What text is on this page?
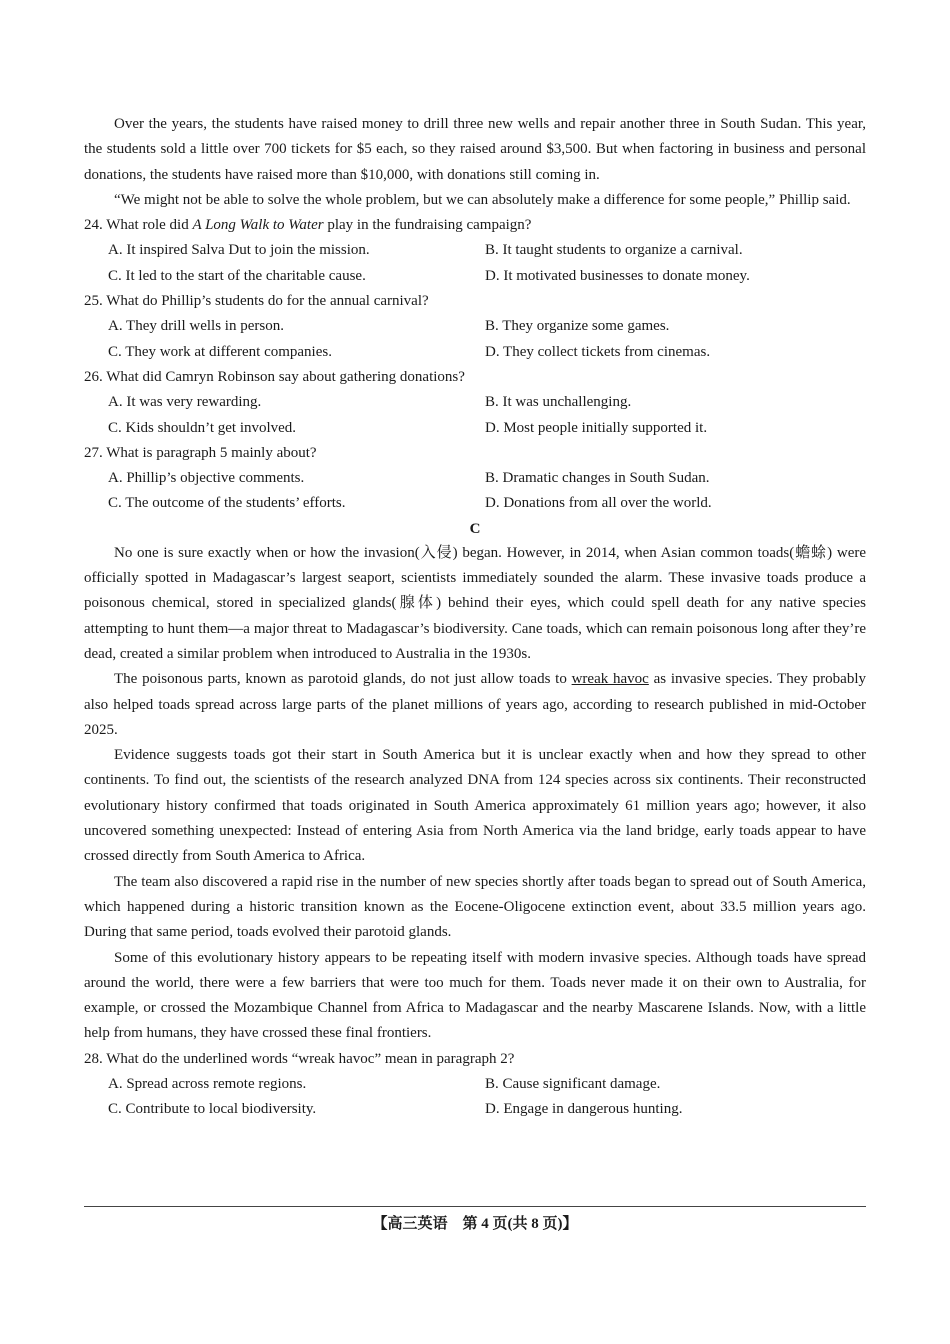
Over the years, the students have raised money to drill three new wells and repair another three in South Sudan. This year, the students sold a little over 700 tickets for $5 each, so they raised around $3,500. But when factoring in business and personal donations, the students have raised more than $10,000, with donations still coming in.

“We might not be able to solve the whole problem, but we can absolutely make a difference for some people,” Phillip said.

24. What role did A Long Walk to Water play in the fundraising campaign?

A. It inspired Salva Dut to join the mission.	B. It taught students to organize a carnival.
C. It led to the start of the charitable cause.	D. It motivated businesses to donate money.

25. What do Phillip’s students do for the annual carnival?

A. They drill wells in person.	B. They organize some games.
C. They work at different companies.	D. They collect tickets from cinemas.

26. What did Camryn Robinson say about gathering donations?

A. It was very rewarding.	B. It was unchallenging.
C. Kids shouldn’t get involved.	D. Most people initially supported it.

27. What is paragraph 5 mainly about?

A. Phillip’s objective comments.	B. Dramatic changes in South Sudan.
C. The outcome of the students’ efforts.	D. Donations from all over the world.
C

No one is sure exactly when or how the invasion(入侵) began. However, in 2014, when Asian common toads(蟾蜍) were officially spotted in Madagascar’s largest seaport, scientists immediately sounded the alarm. These invasive toads produce a poisonous chemical, stored in specialized glands(腺体) behind their eyes, which could spell death for any native species attempting to hunt them—a major threat to Madagascar’s biodiversity. Cane toads, which can remain poisonous long after they’re dead, created a similar problem when introduced to Australia in the 1930s.

The poisonous parts, known as parotoid glands, do not just allow toads to wreak havoc as invasive species. They probably also helped toads spread across large parts of the planet millions of years ago, according to research published in mid-October 2025.

Evidence suggests toads got their start in South America but it is unclear exactly when and how they spread to other continents. To find out, the scientists of the research analyzed DNA from 124 species across six continents. Their reconstructed evolutionary history confirmed that toads originated in South America approximately 61 million years ago; however, it also uncovered something unexpected: Instead of entering Asia from North America via the land bridge, early toads appear to have crossed directly from South America to Africa.

The team also discovered a rapid rise in the number of new species shortly after toads began to spread out of South America, which happened during a historic transition known as the Eocene-Oligocene extinction event, about 33.5 million years ago. During that same period, toads evolved their parotoid glands.

Some of this evolutionary history appears to be repeating itself with modern invasive species. Although toads have spread around the world, there were a few barriers that were too much for them. Toads never made it on their own to Australia, for example, or crossed the Mozambique Channel from Africa to Madagascar and the nearby Mascarene Islands. Now, with a little help from humans, they have crossed these final frontiers.

28. What do the underlined words “wreak havoc” mean in paragraph 2?

A. Spread across remote regions.	B. Cause significant damage.
C. Contribute to local biodiversity.	D. Engage in dangerous hunting.
【高三英语　第 4 页(共 8 页)】
